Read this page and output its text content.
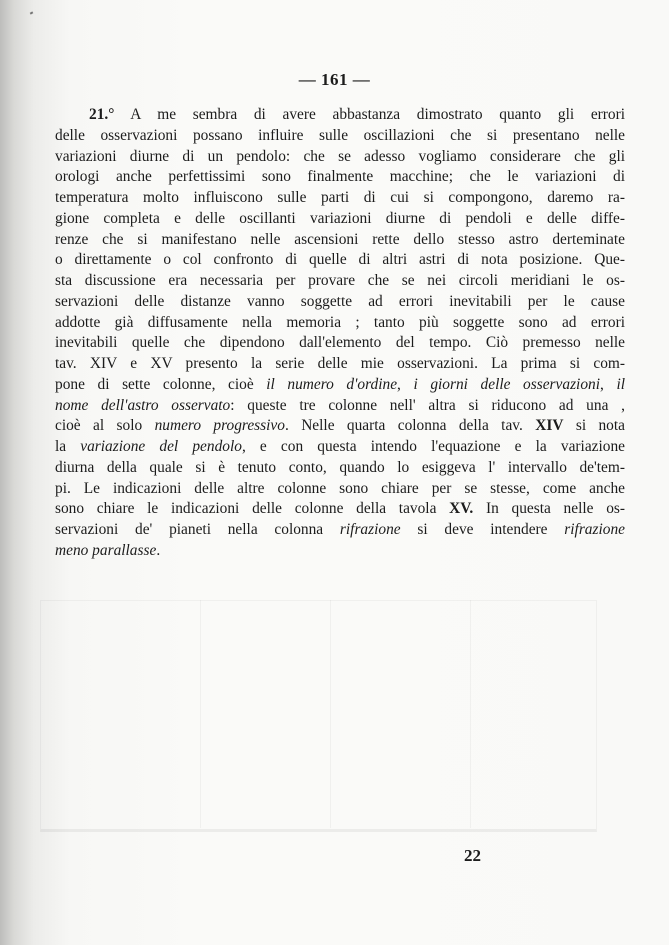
— 161 —
21.° A me sembra di avere abbastanza dimostrato quanto gli errori
delle osservazioni possano influire sulle oscillazioni che si presentano nelle
variazioni diurne di un pendolo: che se adesso vogliamo considerare che gli
orologi anche perfettissimi sono finalmente macchine; che le variazioni di
temperatura molto influiscono sulle parti di cui si compongono, daremo ra-
gione completa e delle oscillanti variazioni diurne di pendoli e delle diffe-
renze che si manifestano nelle ascensioni rette dello stesso astro derteminate
o direttamente o col confronto di quelle di altri astri di nota posizione. Que-
sta discussione era necessaria per provare che se nei circoli meridiani le os-
servazioni delle distanze vanno soggette ad errori inevitabili per le cause
addotte già diffusamente nella memoria ; tanto più soggette sono ad errori
inevitabili quelle che dipendono dall'elemento del tempo. Ciò premesso nelle
tav. XIV e XV presento la serie delle mie osservazioni. La prima si com-
pone di sette colonne, cioè il numero d'ordine, i giorni delle osservazioni, il
nome dell'astro osservato: queste tre colonne nell' altra si riducono ad una ,
cioè al solo numero progressivo. Nelle quarta colonna della tav. XIV si nota
la variazione del pendolo, e con questa intendo l'equazione e la variazione
diurna della quale si è tenuto conto, quando lo esiggeva l' intervallo de'tem-
pi. Le indicazioni delle altre colonne sono chiare per se stesse, come anche
sono chiare le indicazioni delle colonne della tavola XV. In questa nelle os-
servazioni de' pianeti nella colonna rifrazione si deve intendere rifrazione
meno parallasse.
22
